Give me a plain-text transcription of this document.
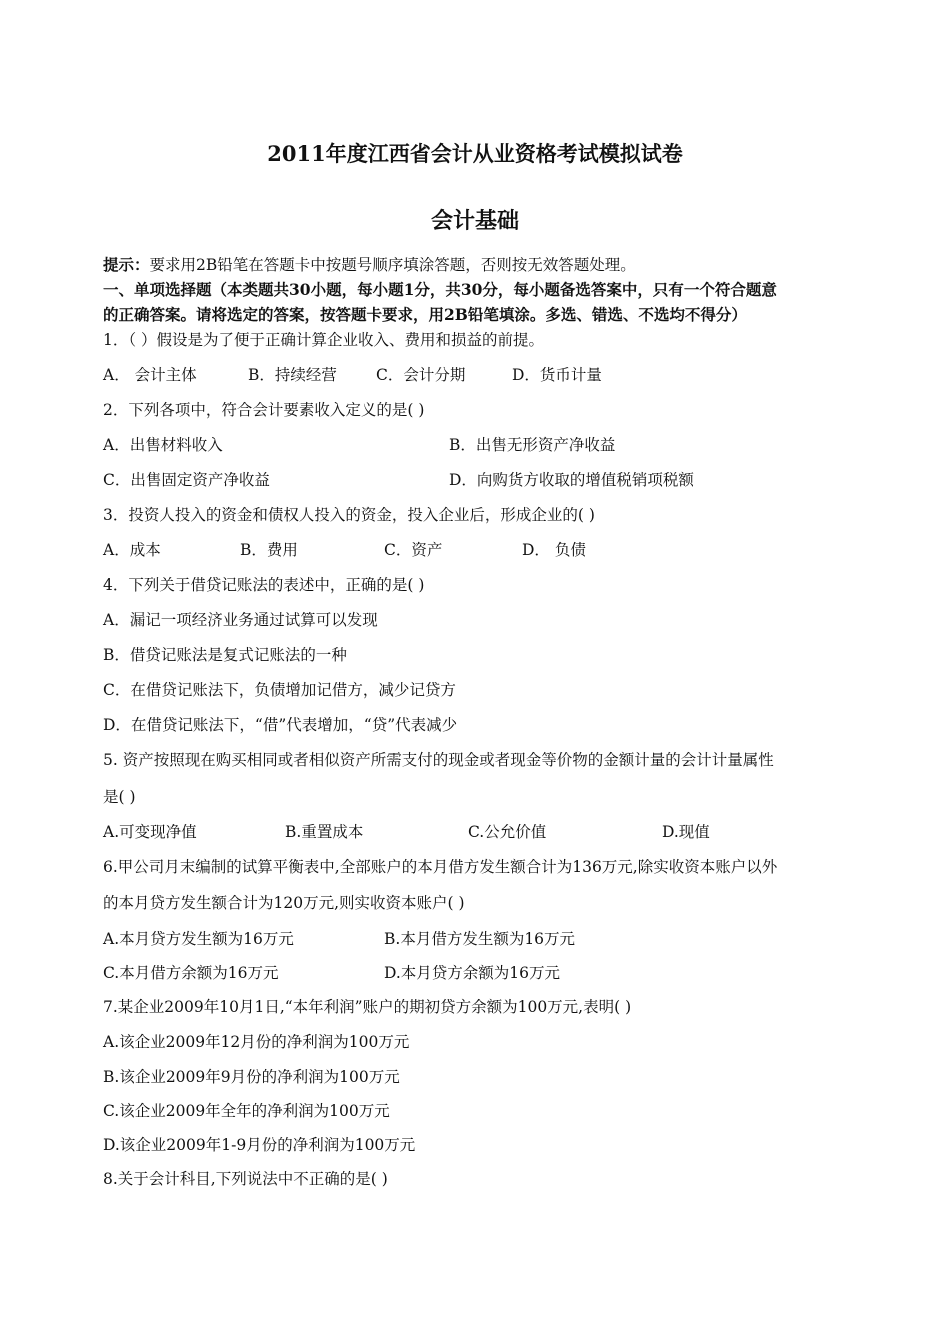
2011年度江西省会计从业资格考试模拟试卷
会计基础
提示：要求用2B铅笔在答题卡中按题号顺序填涂答题，否则按无效答题处理。
一、单项选择题（本类题共30小题，每小题1分，共30分，每小题备选答案中，只有一个符合题意
的正确答案。请将选定的答案，按答题卡要求，用2B铅笔填涂。多选、错选、不选均不得分）
1．（ ）假设是为了便于正确计算企业收入、费用和损益的前提。
A． 会计主体	B．持续经营	C．会计分期	D．货币计量
2．下列各项中，符合会计要素收入定义的是( )
A．出售材料收入	B．出售无形资产净收益
C．出售固定资产净收益	D．向购货方收取的增值税销项税额
3．投资人投入的资金和债权人投入的资金，投入企业后，形成企业的( )
A．成本	B．费用	C．资产	D． 负债
4．下列关于借贷记账法的表述中，正确的是( )
A．漏记一项经济业务通过试算可以发现
B．借贷记账法是复式记账法的一种
C．在借贷记账法下，负债增加记借方，减少记贷方
D．在借贷记账法下，“借”代表增加，“贷”代表减少
5. 资产按照现在购买相同或者相似资产所需支付的现金或者现金等价物的金额计量的会计计量属性
是( )
A.可变现净值	B.重置成本	C.公允价值	D.现值
6.甲公司月末编制的试算平衡表中,全部账户的本月借方发生额合计为136万元,除实收资本账户以外
的本月贷方发生额合计为120万元,则实收资本账户( )
A.本月贷方发生额为16万元	B.本月借方发生额为16万元
C.本月借方余额为16万元	D.本月贷方余额为16万元
7.某企业2009年10月1日,“本年利润”账户的期初贷方余额为100万元,表明( )
A.该企业2009年12月份的净利润为100万元
B.该企业2009年9月份的净利润为100万元
C.该企业2009年全年的净利润为100万元
D.该企业2009年1-9月份的净利润为100万元
8.关于会计科目,下列说法中不正确的是( )
